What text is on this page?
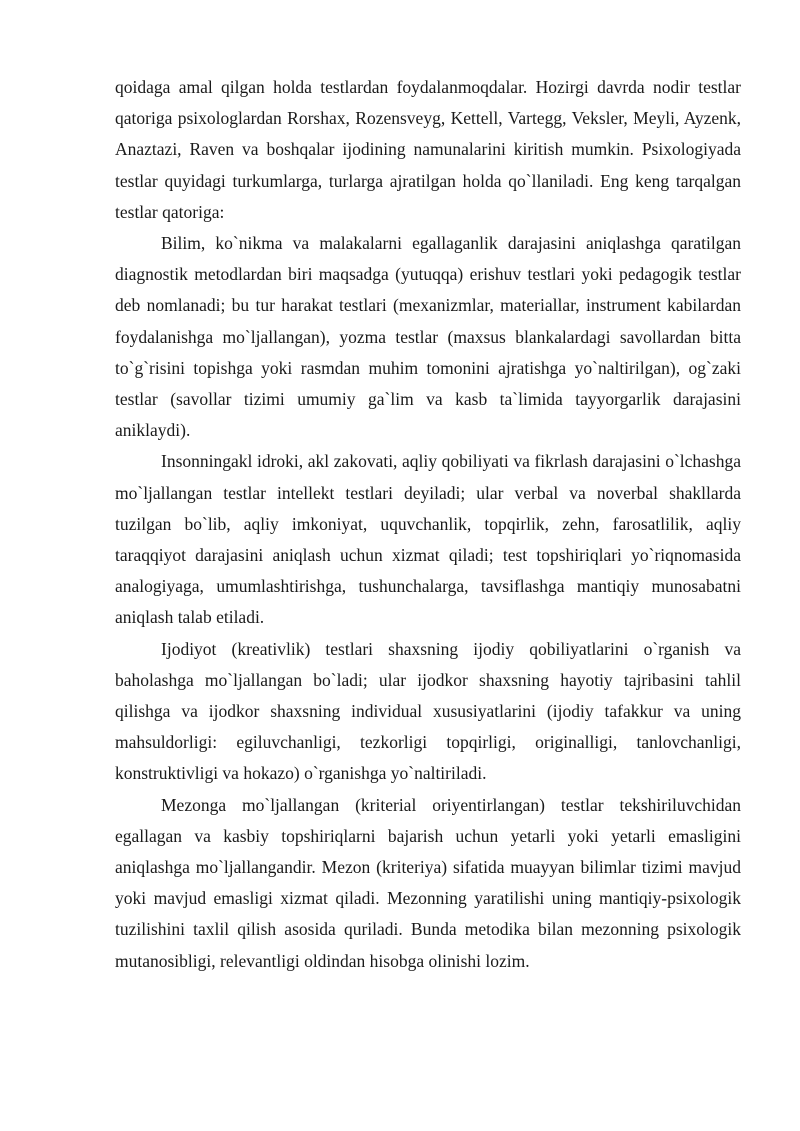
qoidaga amal qilgan holda testlardan foydalanmoqdalar. Hozirgi davrda nodir testlar qatoriga psixologlardan Rorshax, Rozensveyg, Kettell, Vartegg, Veksler, Meyli, Ayzenk, Anaztazi, Raven va boshqalar ijodining namunalarini kiritish mumkin. Psixologiyada testlar quyidagi turkumlarga, turlarga ajratilgan holda qo`llaniladi. Eng keng tarqalgan testlar qatoriga:

Bilim, ko`nikma va malakalarni egallaganlik darajasini aniqlashga qaratilgan diagnostik metodlardan biri maqsadga (yutuqqa) erishuv testlari yoki pedagogik testlar deb nomlanadi; bu tur harakat testlari (mexanizmlar, materiallar, instrument kabilardan foydalanishga mo`ljallangan), yozma testlar (maxsus blankalardagi savollardan bitta to`g`risini topishga yoki rasmdan muhim tomonini ajratishga yo`naltirilgan), og`zaki testlar (savollar tizimi umumiy ga`lim va kasb ta`limida tayyorgarlik darajasini aniklaydi).

Insonningakl idroki, akl zakovati, aqliy qobiliyati va fikrlash darajasini o`lchashga mo`ljallangan testlar intellekt testlari deyiladi; ular verbal va noverbal shakllarda tuzilgan bo`lib, aqliy imkoniyat, uquvchanlik, topqirlik, zehn, farosatlilik, aqliy taraqqiyot darajasini aniqlash uchun xizmat qiladi; test topshiriqlari yo`riqnomasida analogiyaga, umumlashtirishga, tushunchalarga, tavsiflashga mantiqiy munosabatni aniqlash talab etiladi.

Ijodiyot (kreativlik) testlari shaxsning ijodiy qobiliyatlarini o`rganish va baholashga mo`ljallangan bo`ladi; ular ijodkor shaxsning hayotiy tajribasini tahlil qilishga va ijodkor shaxsning individual xususiyatlarini (ijodiy tafakkur va uning mahsuldorligi: egiluvchanligi, tezkorligi topqirligi, originalligi, tanlovchanligi, konstruktivligi va hokazo) o`rganishga yo`naltiriladi.

Mezonga mo`ljallangan (kriterial oriyentirlangan) testlar tekshiriluvchidan egallagan va kasbiy topshiriqlarni bajarish uchun yetarli yoki yetarli emasligini aniqlashga mo`ljallangandir. Mezon (kriteriya) sifatida muayyan bilimlar tizimi mavjud yoki mavjud emasligi xizmat qiladi. Mezonning yaratilishi uning mantiqiy-psixologik tuzilishini taxlil qilish asosida quriladi. Bunda metodika bilan mezonning psixologik mutanosibligi, relevantligi oldindan hisobga olinishi lozim.
